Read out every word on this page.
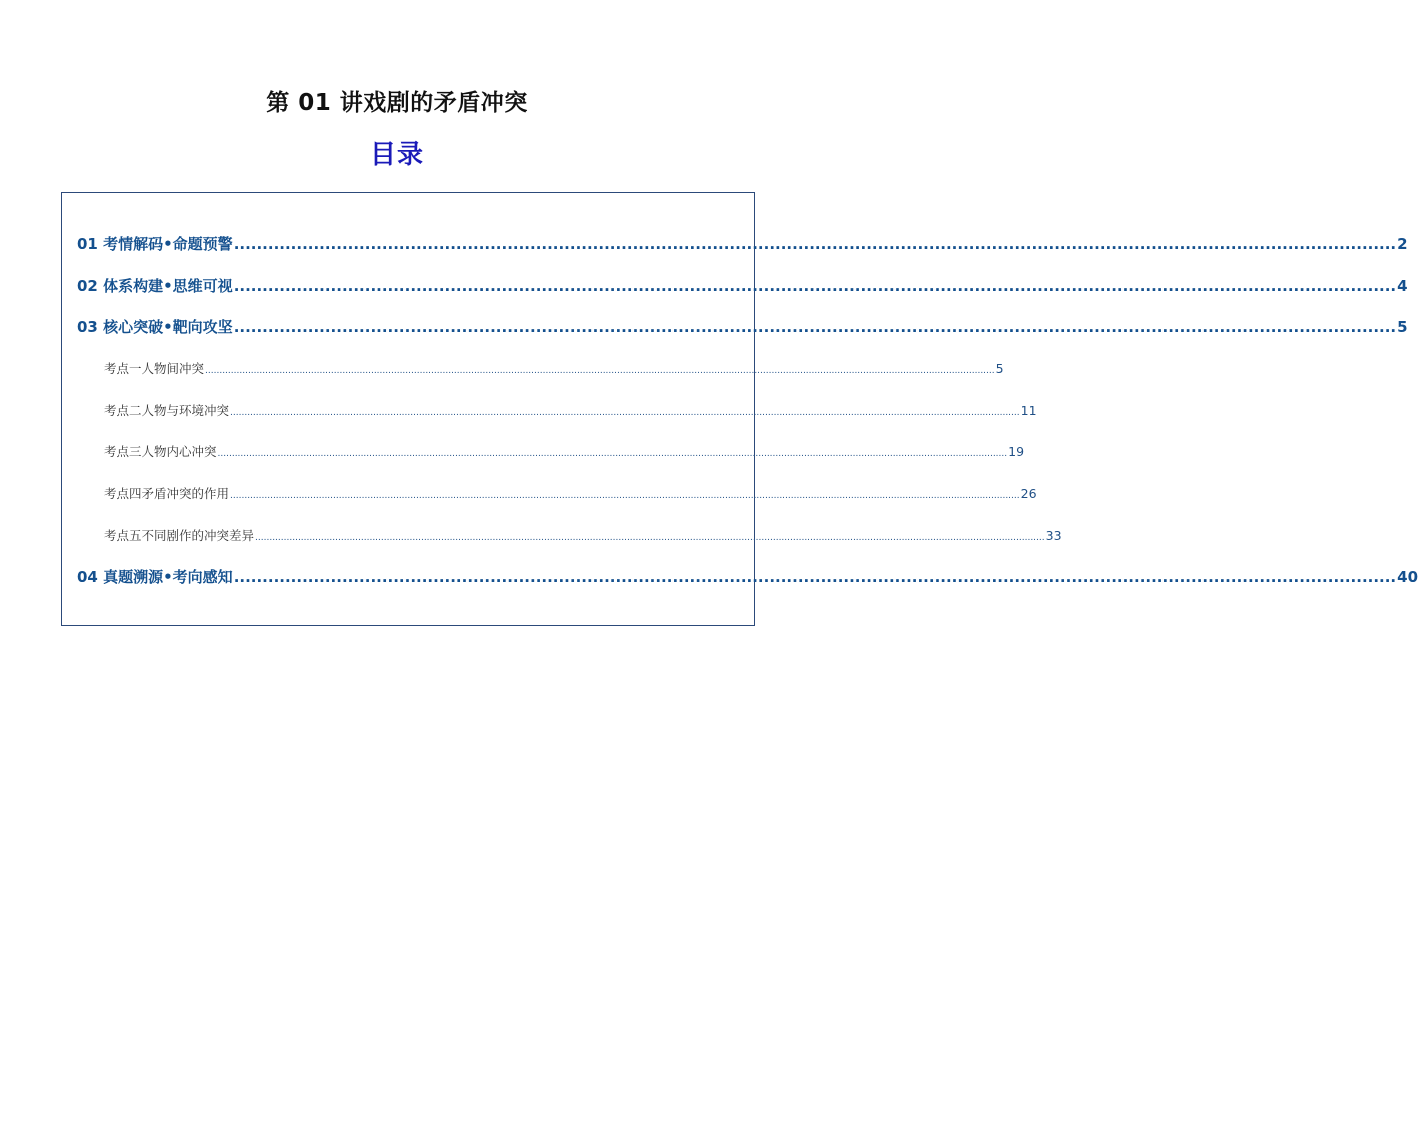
第 01 讲戏剧的矛盾冲突
目录
01 考情解码•命题预警 ............................................................................................................................................................................................................ 2
02 体系构建•思维可视 ............................................................................................................................................................................................................ 4
03 核心突破•靶向攻坚 ............................................................................................................................................................................................................ 5
考点一 人物间冲突 .................................................................................................................................................................................................................................................................................... 5
考点二 人物与环境冲突 .................................................................................................................................................................................................................................................................................... 11
考点三 人物内心冲突 .................................................................................................................................................................................................................................................................................... 19
考点四 矛盾冲突的作用 .................................................................................................................................................................................................................................................................................... 26
考点五 不同剧作的冲突差异 .................................................................................................................................................................................................................................................................................... 33
04 真题溯源•考向感知 ............................................................................................................................................................................................................ 40
